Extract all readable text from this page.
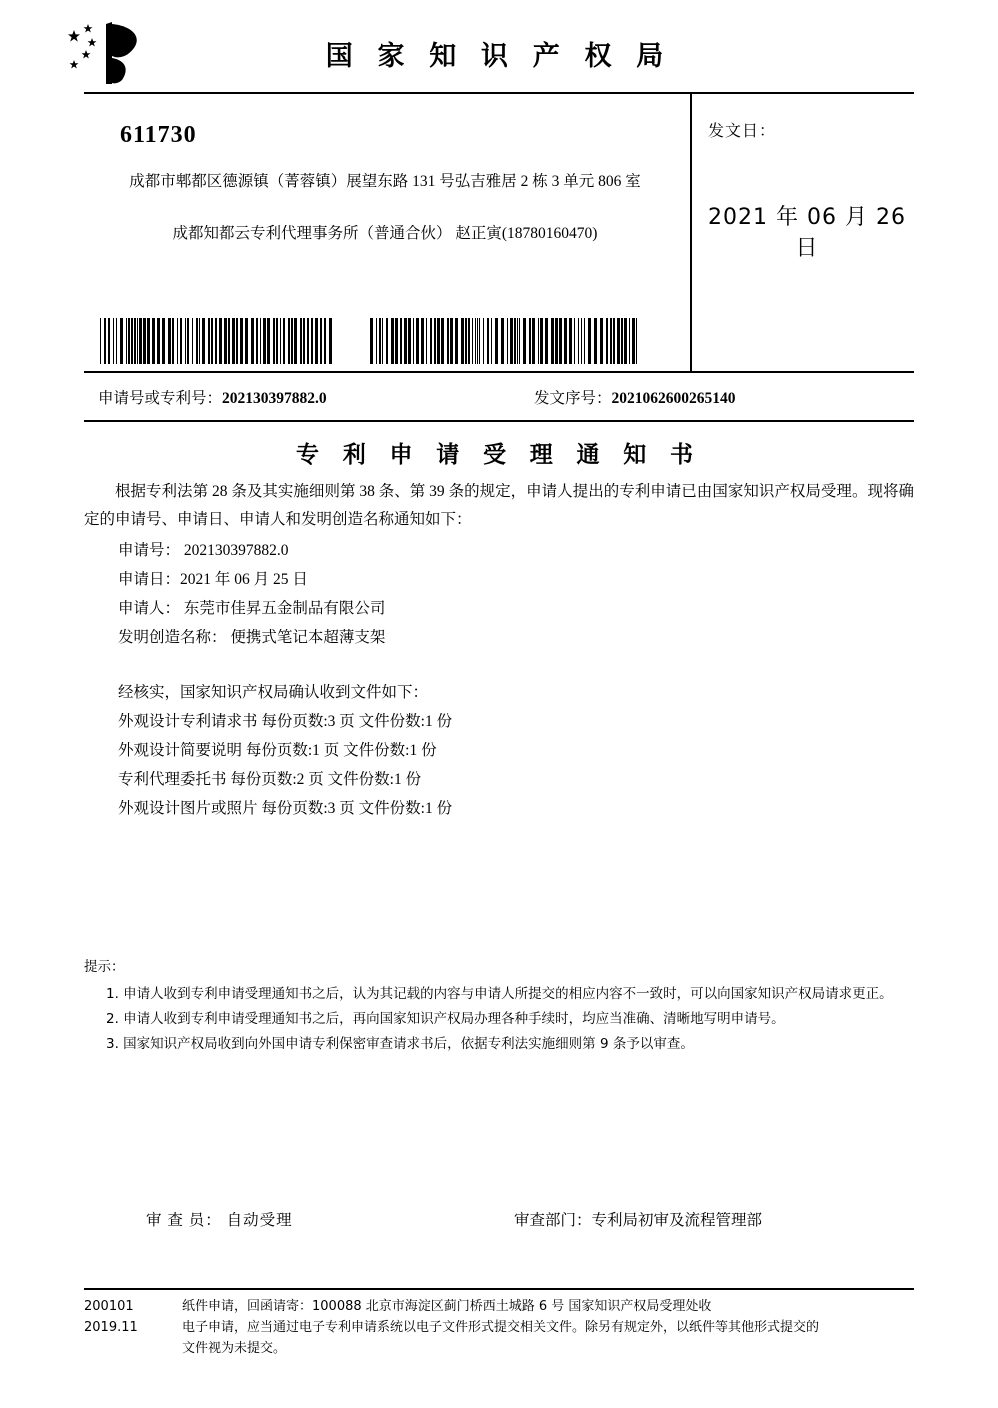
国 家 知 识 产 权 局
611730
成都市郫都区德源镇（菁蓉镇）展望东路 131 号弘吉雅居 2 栋 3 单元 806 室
成都知都云专利代理事务所（普通合伙） 赵正寅(18780160470)
发文日：
2021 年 06 月 26 日
申请号或专利号：202130397882.0	发文序号：2021062600265140
专 利 申 请 受 理 通 知 书
根据专利法第 28 条及其实施细则第 38 条、第 39 条的规定，申请人提出的专利申请已由国家知识产权局受理。现将确定的申请号、申请日、申请人和发明创造名称通知如下：
申请号： 202130397882.0
申请日：2021 年 06 月 25 日
申请人： 东莞市佳昇五金制品有限公司
发明创造名称： 便携式笔记本超薄支架
经核实，国家知识产权局确认收到文件如下：
外观设计专利请求书 每份页数:3 页 文件份数:1 份
外观设计简要说明 每份页数:1 页 文件份数:1 份
专利代理委托书 每份页数:2 页 文件份数:1 份
外观设计图片或照片 每份页数:3 页 文件份数:1 份
提示：
1. 申请人收到专利申请受理通知书之后，认为其记载的内容与申请人所提交的相应内容不一致时，可以向国家知识产权局请求更正。
2. 申请人收到专利申请受理通知书之后，再向国家知识产权局办理各种手续时，均应当准确、清晰地写明申请号。
3. 国家知识产权局收到向外国申请专利保密审查请求书后，依据专利法实施细则第 9 条予以审查。
审 查 员： 自动受理	审查部门：专利局初审及流程管理部
200101
2019.11
纸件申请，回函请寄：100088 北京市海淀区蓟门桥西土城路 6 号 国家知识产权局受理处收
电子申请，应当通过电子专利申请系统以电子文件形式提交相关文件。除另有规定外，以纸件等其他形式提交的
文件视为未提交。
